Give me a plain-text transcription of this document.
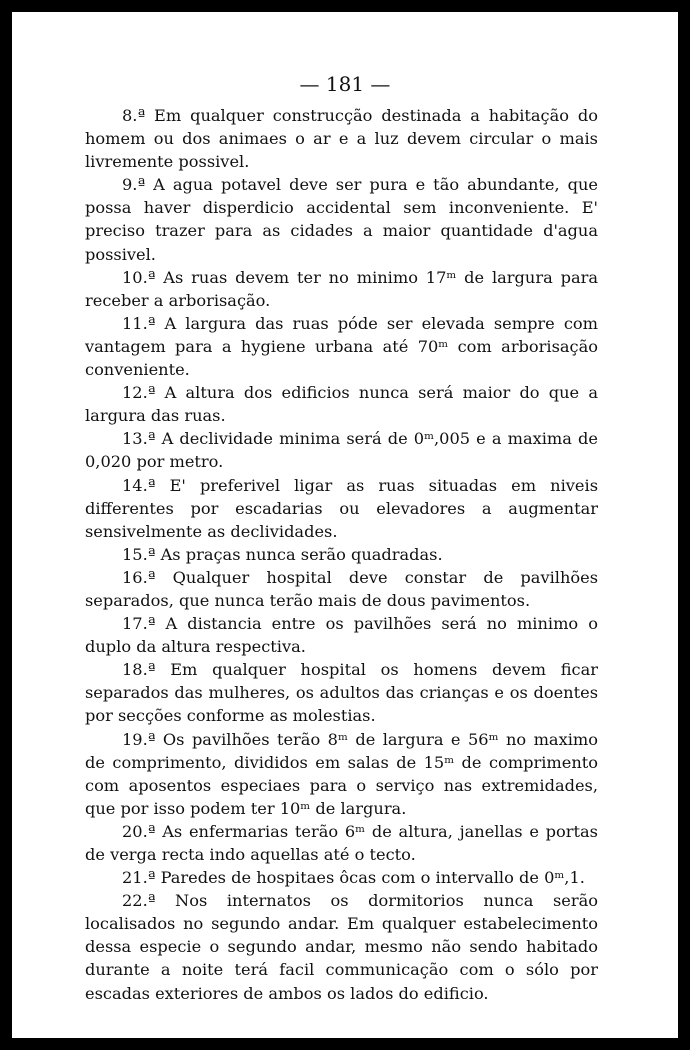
— 181 —

8.ª Em qualquer construcção destinada a habitação do homem ou dos animaes o ar e a luz devem circular o mais livremente possivel.

9.ª A agua potavel deve ser pura e tão abundante, que possa haver disperdicio accidental sem inconveniente. E' preciso trazer para as cidades a maior quantidade d'agua possivel.

10.ª As ruas devem ter no minimo 17ᵐ de largura para receber a arborisação.

11.ª A largura das ruas póde ser elevada sempre com vantagem para a hygiene urbana até 70ᵐ com arborisação conveniente.

12.ª A altura dos edificios nunca será maior do que a largura das ruas.

13.ª A declividade minima será de 0ᵐ,005 e a maxima de 0,020 por metro.

14.ª E' preferivel ligar as ruas situadas em niveis differentes por escadarias ou elevadores a augmentar sensivelmente as declividades.

15.ª As praças nunca serão quadradas.

16.ª Qualquer hospital deve constar de pavilhões separados, que nunca terão mais de dous pavimentos.

17.ª A distancia entre os pavilhões será no minimo o duplo da altura respectiva.

18.ª Em qualquer hospital os homens devem ficar separados das mulheres, os adultos das crianças e os doentes por secções conforme as molestias.

19.ª Os pavilhões terão 8ᵐ de largura e 56ᵐ no maximo de comprimento, divididos em salas de 15ᵐ de comprimento com aposentos especiaes para o serviço nas extremidades, que por isso podem ter 10ᵐ de largura.

20.ª As enfermarias terão 6ᵐ de altura, janellas e portas de verga recta indo aquellas até o tecto.

21.ª Paredes de hospitaes ôcas com o intervallo de 0ᵐ,1.

22.ª Nos internatos os dormitorios nunca serão localisados no segundo andar. Em qualquer estabelecimento dessa especie o segundo andar, mesmo não sendo habitado durante a noite terá facil communicação com o sólo por escadas exteriores de ambos os lados do edificio.
